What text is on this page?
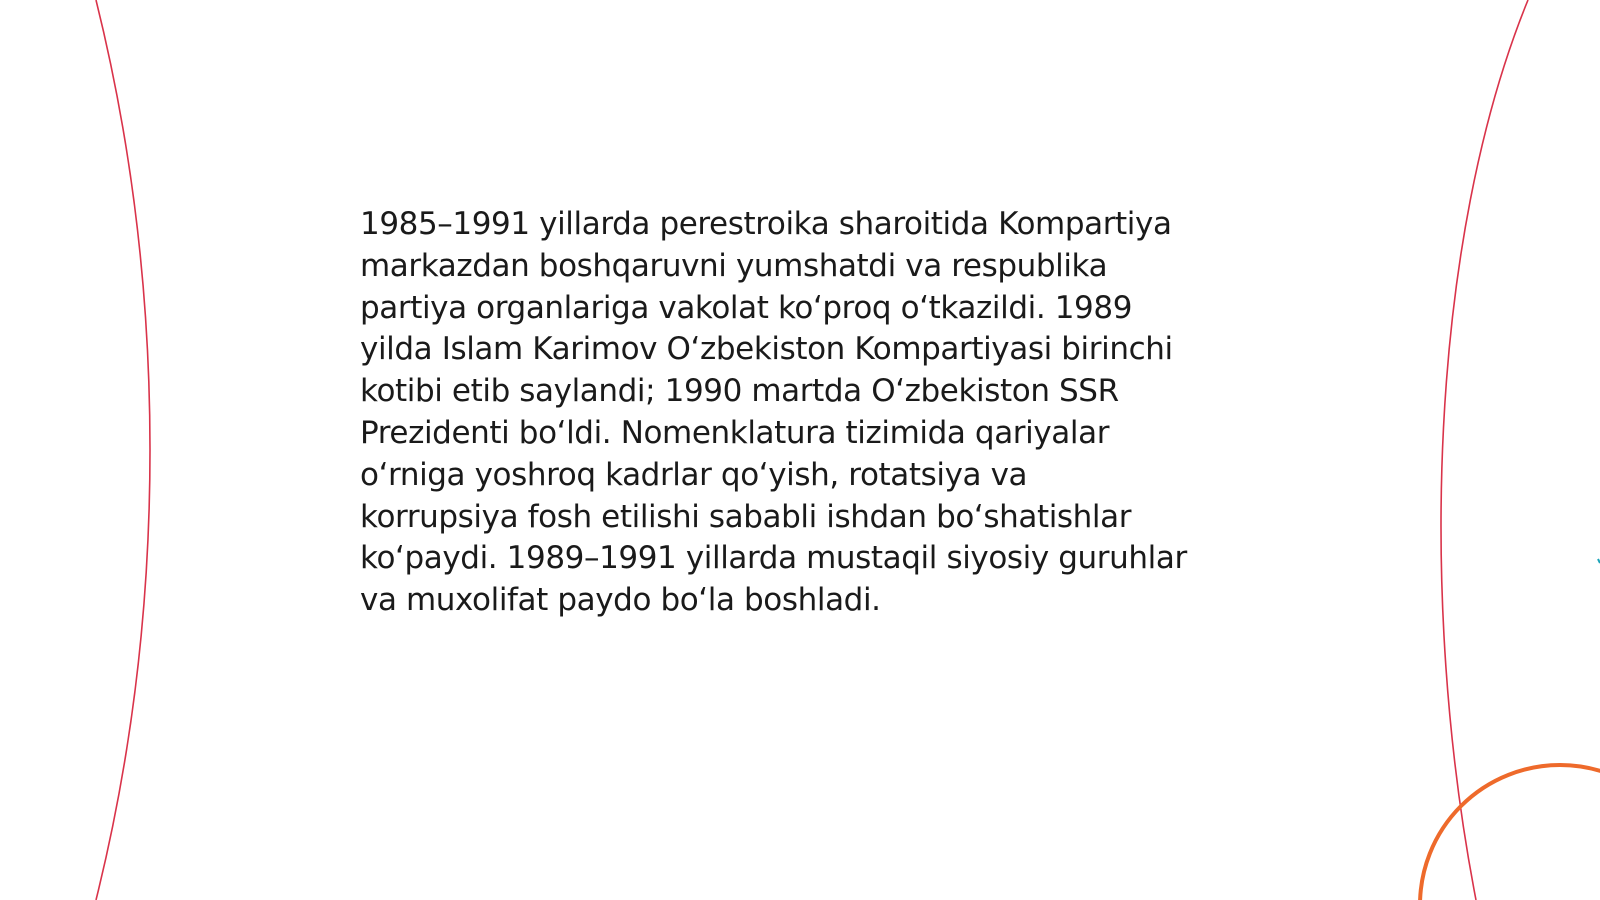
1985–1991 yillarda perestroika sharoitida Kompartiya
markazdan boshqaruvni yumshatdi va respublika
partiya organlariga vakolat koʻproq oʻtkazildi. 1989
yilda Islam Karimov Oʻzbekiston Kompartiyasi birinchi
kotibi etib saylandi; 1990 martda Oʻzbekiston SSR
Prezidenti boʻldi. Nomenklatura tizimida qariyalar
oʻrniga yoshroq kadrlar qoʻyish, rotatsiya va
korrupsiya fosh etilishi sababli ishdan boʻshatishlar
koʻpaydi. 1989–1991 yillarda mustaqil siyosiy guruhlar
va muxolifat paydo boʻla boshladi.
